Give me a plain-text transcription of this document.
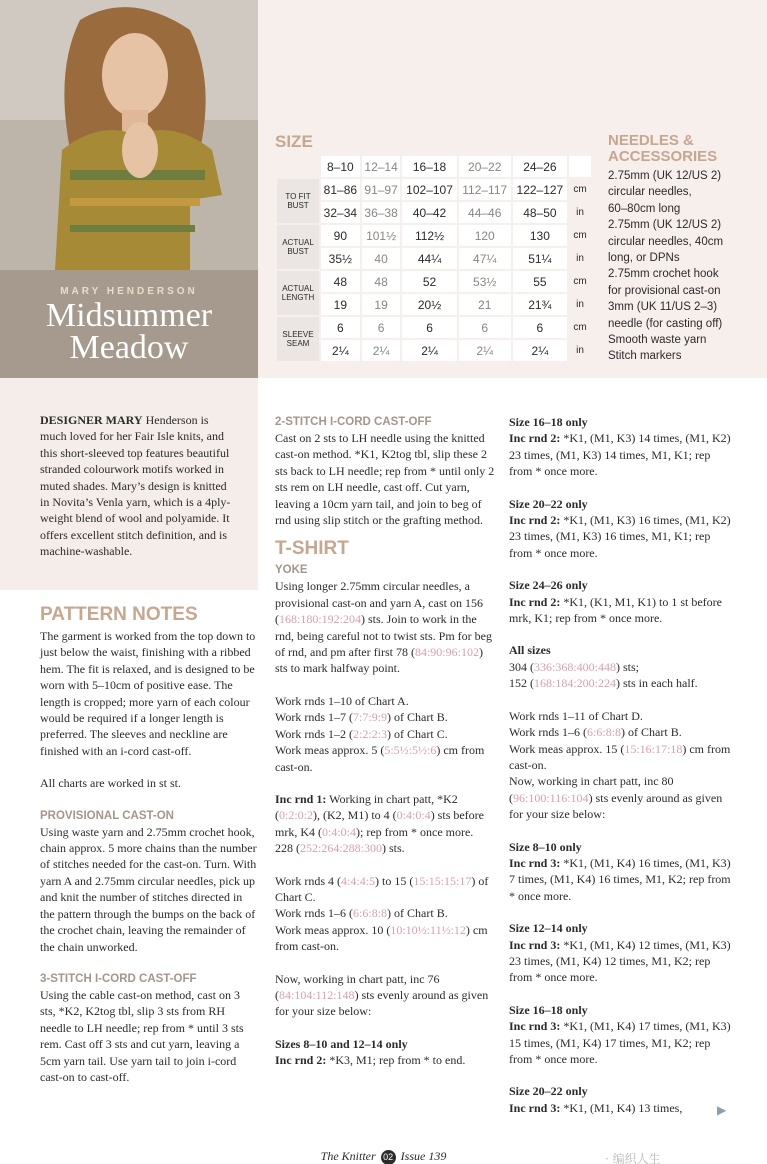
MARY HENDERSON
Midsummer
Meadow
SIZE
	8–10	12–14	16–18	20–22	24–26	
TO FIT BUST	81–86	91–97	102–107	112–117	122–127	cm
	32–34	36–38	40–42	44–46	48–50	in
ACTUAL BUST	90	101½	112½	120	130	cm
	35½	40	44¼	47¼	51¼	in
ACTUAL LENGTH	48	48	52	53½	55	cm
	19	19	20½	21	21¾	in
SLEEVE SEAM	6	6	6	6	6	cm
	2¼	2¼	2¼	2¼	2¼	in
NEEDLES &
ACCESSORIES
2.75mm (UK 12/US 2)
circular needles,
60–80cm long
2.75mm (UK 12/US 2)
circular needles, 40cm
long, or DPNs
2.75mm crochet hook
for provisional cast-on
3mm (UK 11/US 2–3)
needle (for casting off)
Smooth waste yarn
Stitch markers

DESIGNER MARY Henderson is much loved for her Fair Isle knits, and this short-sleeved top features beautiful stranded colourwork motifs worked in muted shades. Mary’s design is knitted in Novita’s Venla yarn, which is a 4ply-weight blend of wool and polyamide. It offers excellent stitch definition, and is machine-washable.

PATTERN NOTES

The garment is worked from the top down to just below the waist, finishing with a ribbed hem. The fit is relaxed, and is designed to be worn with 5–10cm of positive ease. The length is cropped; more yarn of each colour would be required if a longer length is preferred. The sleeves and neckline are finished with an i-cord cast-off.

All charts are worked in st st.

PROVISIONAL CAST-ON

Using waste yarn and 2.75mm crochet hook, chain approx. 5 more chains than the number of stitches needed for the cast-on. Turn. With yarn A and 2.75mm circular needles, pick up and knit the number of stitches directed in the pattern through the bumps on the back of the crochet chain, leaving the remainder of the chain unworked.

3-STITCH I-CORD CAST-OFF

Using the cable cast-on method, cast on 3 sts, *K2, K2tog tbl, slip 3 sts from RH needle to LH needle; rep from * until 3 sts rem. Cast off 3 sts and cut yarn, leaving a 5cm yarn tail. Use yarn tail to join i-cord cast-on to cast-off.

2-STITCH I-CORD CAST-OFF

Cast on 2 sts to LH needle using the knitted cast-on method. *K1, K2tog tbl, slip these 2 sts back to LH needle; rep from * until only 2 sts rem on LH needle, cast off. Cut yarn, leaving a 10cm yarn tail, and join to beg of rnd using slip stitch or the grafting method.

T-SHIRT
YOKE

Using longer 2.75mm circular needles, a provisional cast-on and yarn A, cast on 156 (168:180:192:204) sts. Join to work in the rnd, being careful not to twist sts. Pm for beg of rnd, and pm after first 78 (84:90:96:102) sts to mark halfway point.

Work rnds 1–10 of Chart A.
Work rnds 1–7 (7:7:9:9) of Chart B.
Work rnds 1–2 (2:2:2:3) of Chart C.
Work meas approx. 5 (5:5½:5½:6) cm from cast-on.

Inc rnd 1: Working in chart patt, *K2 (0:2:0:2), (K2, M1) to 4 (0:4:0:4) sts before mrk, K4 (0:4:0:4); rep from * once more.
228 (252:264:288:300) sts.

Work rnds 4 (4:4:4:5) to 15 (15:15:15:17) of Chart C.
Work rnds 1–6 (6:6:8:8) of Chart B.
Work meas approx. 10 (10:10½:11½:12) cm from cast-on.

Now, working in chart patt, inc 76 (84:104:112:148) sts evenly around as given for your size below:

Sizes 8–10 and 12–14 only
Inc rnd 2: *K3, M1; rep from * to end.
Size 16–18 only

Inc rnd 2: *K1, (M1, K3) 14 times, (M1, K2) 23 times, (M1, K3) 14 times, M1, K1; rep from * once more.

Size 20–22 only

Inc rnd 2: *K1, (M1, K3) 16 times, (M1, K2) 23 times, (M1, K3) 16 times, M1, K1; rep from * once more.

Size 24–26 only

Inc rnd 2: *K1, (K1, M1, K1) to 1 st before mrk, K1; rep from * once more.

All sizes

304 (336:368:400:448) sts;
152 (168:184:200:224) sts in each half.

Work rnds 1–11 of Chart D.
Work rnds 1–6 (6:6:8:8) of Chart B.
Work meas approx. 15 (15:16:17:18) cm from cast-on.
Now, working in chart patt, inc 80 (96:100:116:104) sts evenly around as given for your size below:

Size 8–10 only

Inc rnd 3: *K1, (M1, K4) 16 times, (M1, K3) 7 times, (M1, K4) 16 times, M1, K2; rep from * once more.

Size 12–14 only

Inc rnd 3: *K1, (M1, K4) 12 times, (M1, K3) 23 times, (M1, K4) 12 times, M1, K2; rep from * once more.

Size 16–18 only

Inc rnd 3: *K1, (M1, K4) 17 times, (M1, K3) 15 times, (M1, K4) 17 times, M1, K2; rep from * once more.

Size 20–22 only
Inc rnd 3: *K1, (M1, K4) 13 times,	▶
The Knitter 02 Issue 139	· 编织人生
